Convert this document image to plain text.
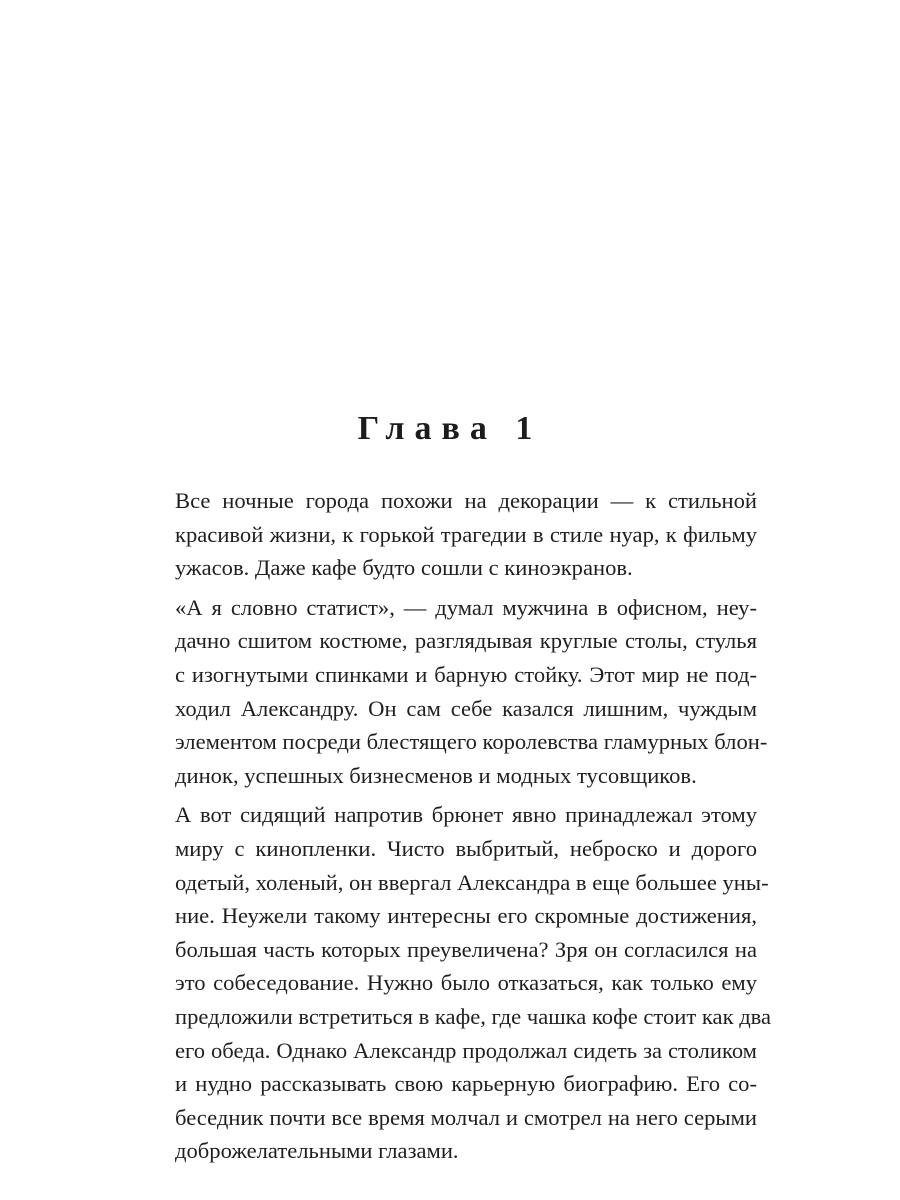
Глава 1
Все ночные города похожи на декорации — к стильной
красивой жизни, к горькой трагедии в стиле нуар, к фильму
ужасов. Даже кафе будто сошли с киноэкранов.
«А я словно статист», — думал мужчина в офисном, неу-
дачно сшитом костюме, разглядывая круглые столы, стулья
с изогнутыми спинками и барную стойку. Этот мир не под-
ходил Александру. Он сам себе казался лишним, чуждым
элементом посреди блестящего королевства гламурных блон-
динок, успешных бизнесменов и модных тусовщиков.
А вот сидящий напротив брюнет явно принадлежал этому
миру с кинопленки. Чисто выбритый, неброско и дорого
одетый, холеный, он ввергал Александра в еще большее уны-
ние. Неужели такому интересны его скромные достижения,
большая часть которых преувеличена? Зря он согласился на
это собеседование. Нужно было отказаться, как только ему
предложили встретиться в кафе, где чашка кофе стоит как два
его обеда. Однако Александр продолжал сидеть за столиком
и нудно рассказывать свою карьерную биографию. Его со-
беседник почти все время молчал и смотрел на него серыми
доброжелательными глазами.
